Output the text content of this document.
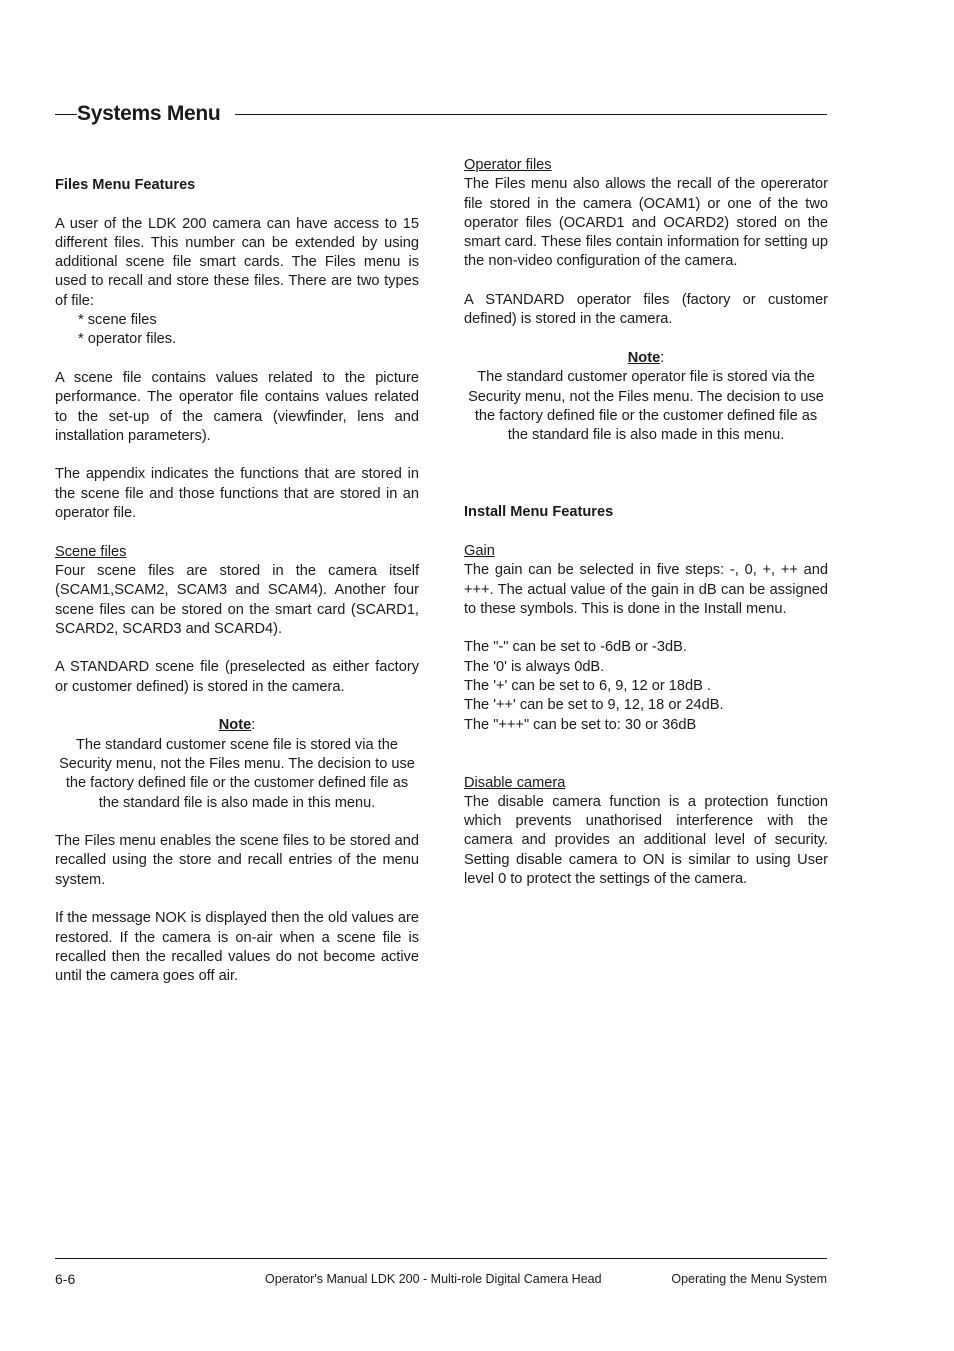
Systems Menu

Files Menu Features

A user of the LDK 200 camera can have access to 15 different files. This number can be extended by using additional scene file smart cards. The Files menu is used to recall and store these files. There are two types of file:

* scene files

* operator files.

A scene file contains values related to the picture performance. The operator file contains values related to the set-up of the camera (viewfinder, lens and installation parameters).

The appendix indicates the functions that are stored in the scene file and those functions that are stored in an operator file.

Scene files

Four scene files are stored in the camera itself (SCAM1,SCAM2, SCAM3 and SCAM4). Another four scene files can be stored on the smart card (SCARD1, SCARD2, SCARD3 and SCARD4).

A STANDARD scene file (preselected as either factory or customer defined) is stored in the camera.

Note:

The standard customer scene file is stored via the Security menu, not the Files menu. The decision to use the factory defined file or the customer defined file as the standard file is also made in this menu.

The Files menu enables the scene files to be stored and recalled using the store and recall entries of the menu system.

If the message NOK is displayed then the old values are restored. If the camera is on-air when a scene file is recalled then the recalled values do not become active until the camera goes off air.

Operator files

The Files menu also allows the recall of the opererator file stored in the camera (OCAM1) or one of the two operator files (OCARD1 and OCARD2) stored on the smart card. These files contain information for setting up the non-video configuration of the camera.

A STANDARD operator files (factory or customer defined) is stored in the camera.

Note:

The standard customer operator file is stored via the Security menu, not the Files menu. The decision to use the factory defined file or the customer defined file as the standard file is also made in this menu.

Install Menu Features

Gain

The gain can be selected in five steps: -, 0, +, ++ and +++. The actual value of the gain in dB can be assigned to these symbols. This is done in the Install menu.

The "-" can be set to -6dB or -3dB.

The '0' is always 0dB.

The '+' can be set to 6, 9, 12 or 18dB .

The '++' can be set to 9, 12, 18 or 24dB.

The "+++" can be set to: 30 or 36dB

Disable camera

The disable camera function is a protection function which prevents unathorised interference with the camera and provides an additional level of security. Setting disable camera to ON is similar to using User level 0 to protect the settings of the camera.

6-6	Operator's Manual LDK 200 - Multi-role Digital Camera Head	Operating the Menu System
